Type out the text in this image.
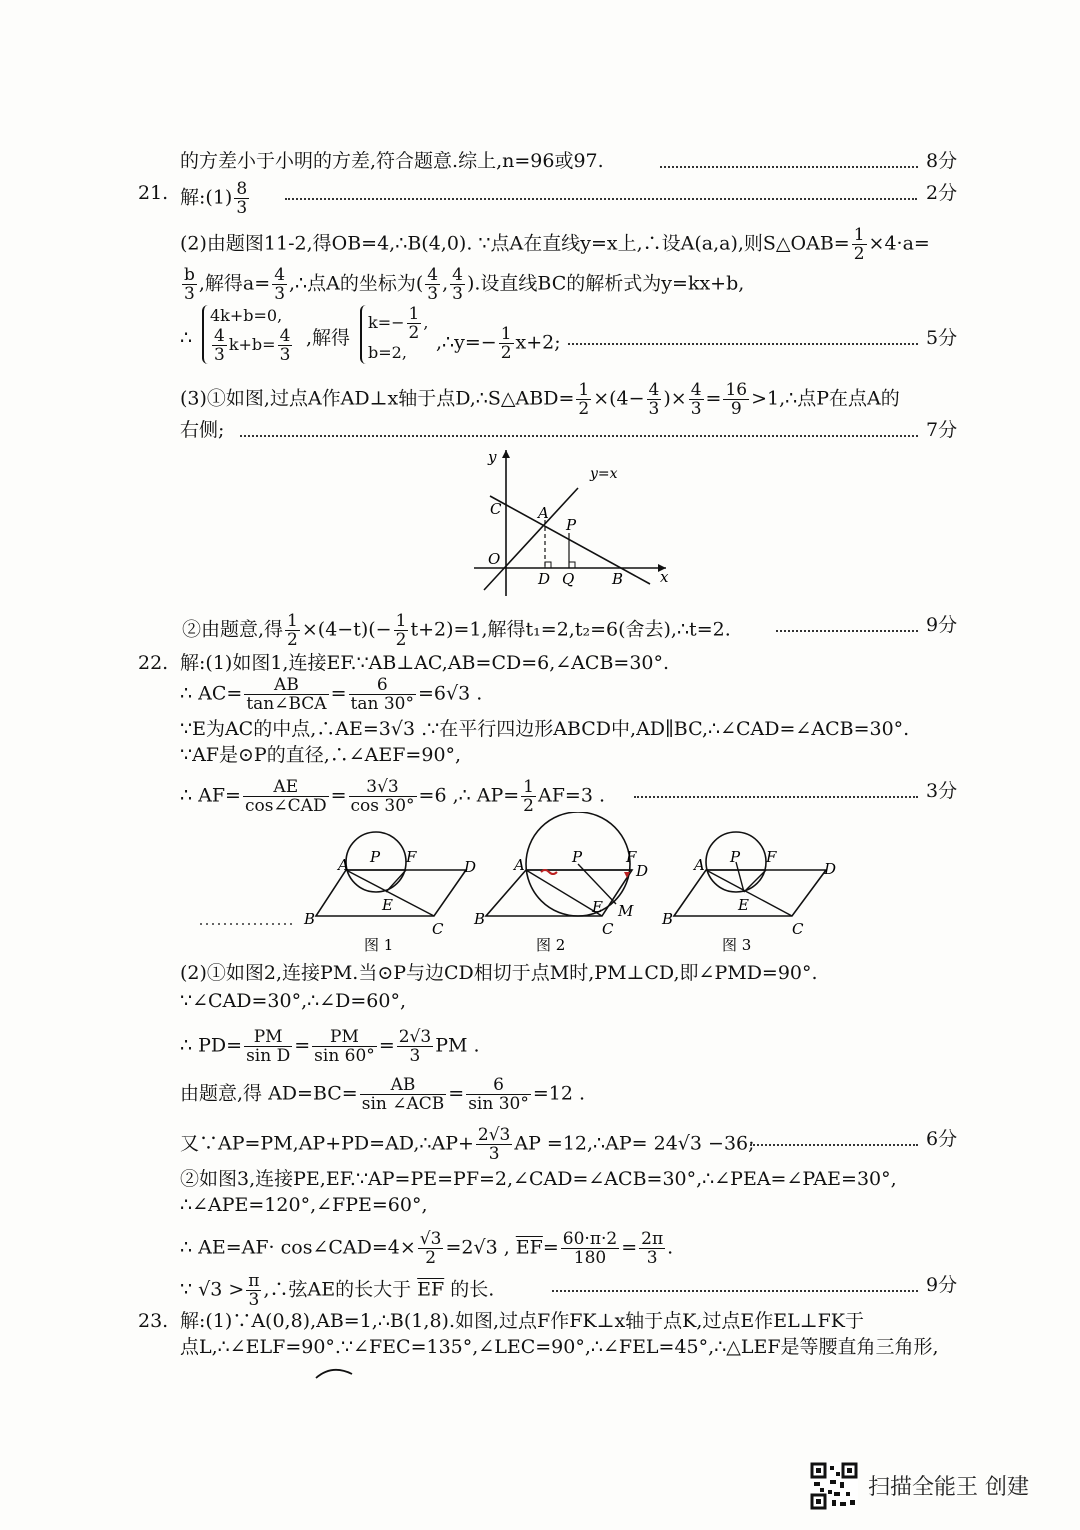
的方差小于小明的方差,符合题意.综上,n=96或97.	8分
21. 解:(1) $\frac{8}{3}$	2分
(2)由题图11-2,得OB=4,∴B(4,0). ∵点A在直线y=x上,∴设A(a,a),则S△OAB= $\frac{1}{2} \times 4\cdot a=$
$\frac{b}{3}$ ,解得$a= \frac{4}{3}$ ,∴点A的坐标为( $\frac{4}{3}$ , $\frac{4}{3}$ ).设直线BC的解析式为y=kx+b,
∴
4k+b=0,
$\frac{4}{3} k+b= \frac{4}{3}$ ,解得
$k=- \frac{1}{2}$ ,
b=2,	,∴y=− $\frac{1}{2} x+2$;	5分
(3)①如图,过点A作AD⊥x轴于点D,∴S△ABD= $\frac{1}{2} \times(4- \frac{4}{3}$ )× $\frac{4}{3} = \frac{16}{9}$ >1,∴点P在点A的
右侧;	7分
y
x
y=x
C A
P
O
D Q	B
②由题意,得 $\frac{1}{2} \times(4-t)(- \frac{1}{2} t+2)=1$,解得t₁=2,t₂=6(舍去),∴t=2.	9分
22. 解:(1)如图1,连接EF.∵AB⊥AC,AB=CD=6,∠ACB=30°.
∴ $AC= \frac{AB}{\text{tan∠BCA}} = \frac{6}{\tan 30^\circ} =6√3$ .
∵E为AC的中点,∴AE=3√3 .∵在平行四边形ABCD中,AD∥BC,∴∠CAD=∠ACB=30°.
∵AF是⊙P的直径,∴∠AEF=90°,
∴ $AF= \frac{AE}{\text{cos∠CAD}} = \frac{3√3}{\cos 30^\circ} =6$ ,∴ $AP= \frac{1}{2} AF=3$ .	3分
A P F
D
B
E
C
图 1
A	P	F
D
B
E M
C
图 2
A P F
D
B
E
C
图 3
(2)①如图2,连接PM.当⊙P与边CD相切于点M时,PM⊥CD,即∠PMD=90°.
∵∠CAD=30°,∴∠D=60°,
∴ $PD= \frac{PM}{\text{sin D}} = \frac{PM}{\sin 60^\circ} = \frac{2√3}{3}$ PM .
由题意,得 $AD=BC= \frac{AB}{\text{sin ∠ACB}} = \frac{6}{\sin 30^\circ} =12$ .
又∵AP=PM,AP+PD=AD,∴AP+ $\frac{2√3}{3}$ AP =12,∴AP= 24√3 −36;	6分
②如图3,连接PE,EF.∵AP=PE=PF=2,∠CAD=∠ACB=30°,∴∠PEA=∠PAE=30°,
∴∠APE=120°,∠FPE=60°,
∴ AE=AF· cos∠CAD=4× $\frac{√3}{2} =2√3$ , $\overline{EF}= \frac{60\cdot\pi\cdot 2}{180} = \frac{2\pi}{3}$ .
∵ $√3 > \frac{\pi}{3}$ ,∴弦AE的长大于 $\overline{EF}$ 的长.	9分
23. 解:(1)∵A(0,8),AB=1,∴B(1,8).如图,过点F作FK⊥x轴于点K,过点E作EL⊥FK于
点L,∴∠ELF=90°.∵∠FEC=135°,∠LEC=90°,∴∠FEL=45°,∴△LEF是等腰直角三角形,
扫描全能王 创建
